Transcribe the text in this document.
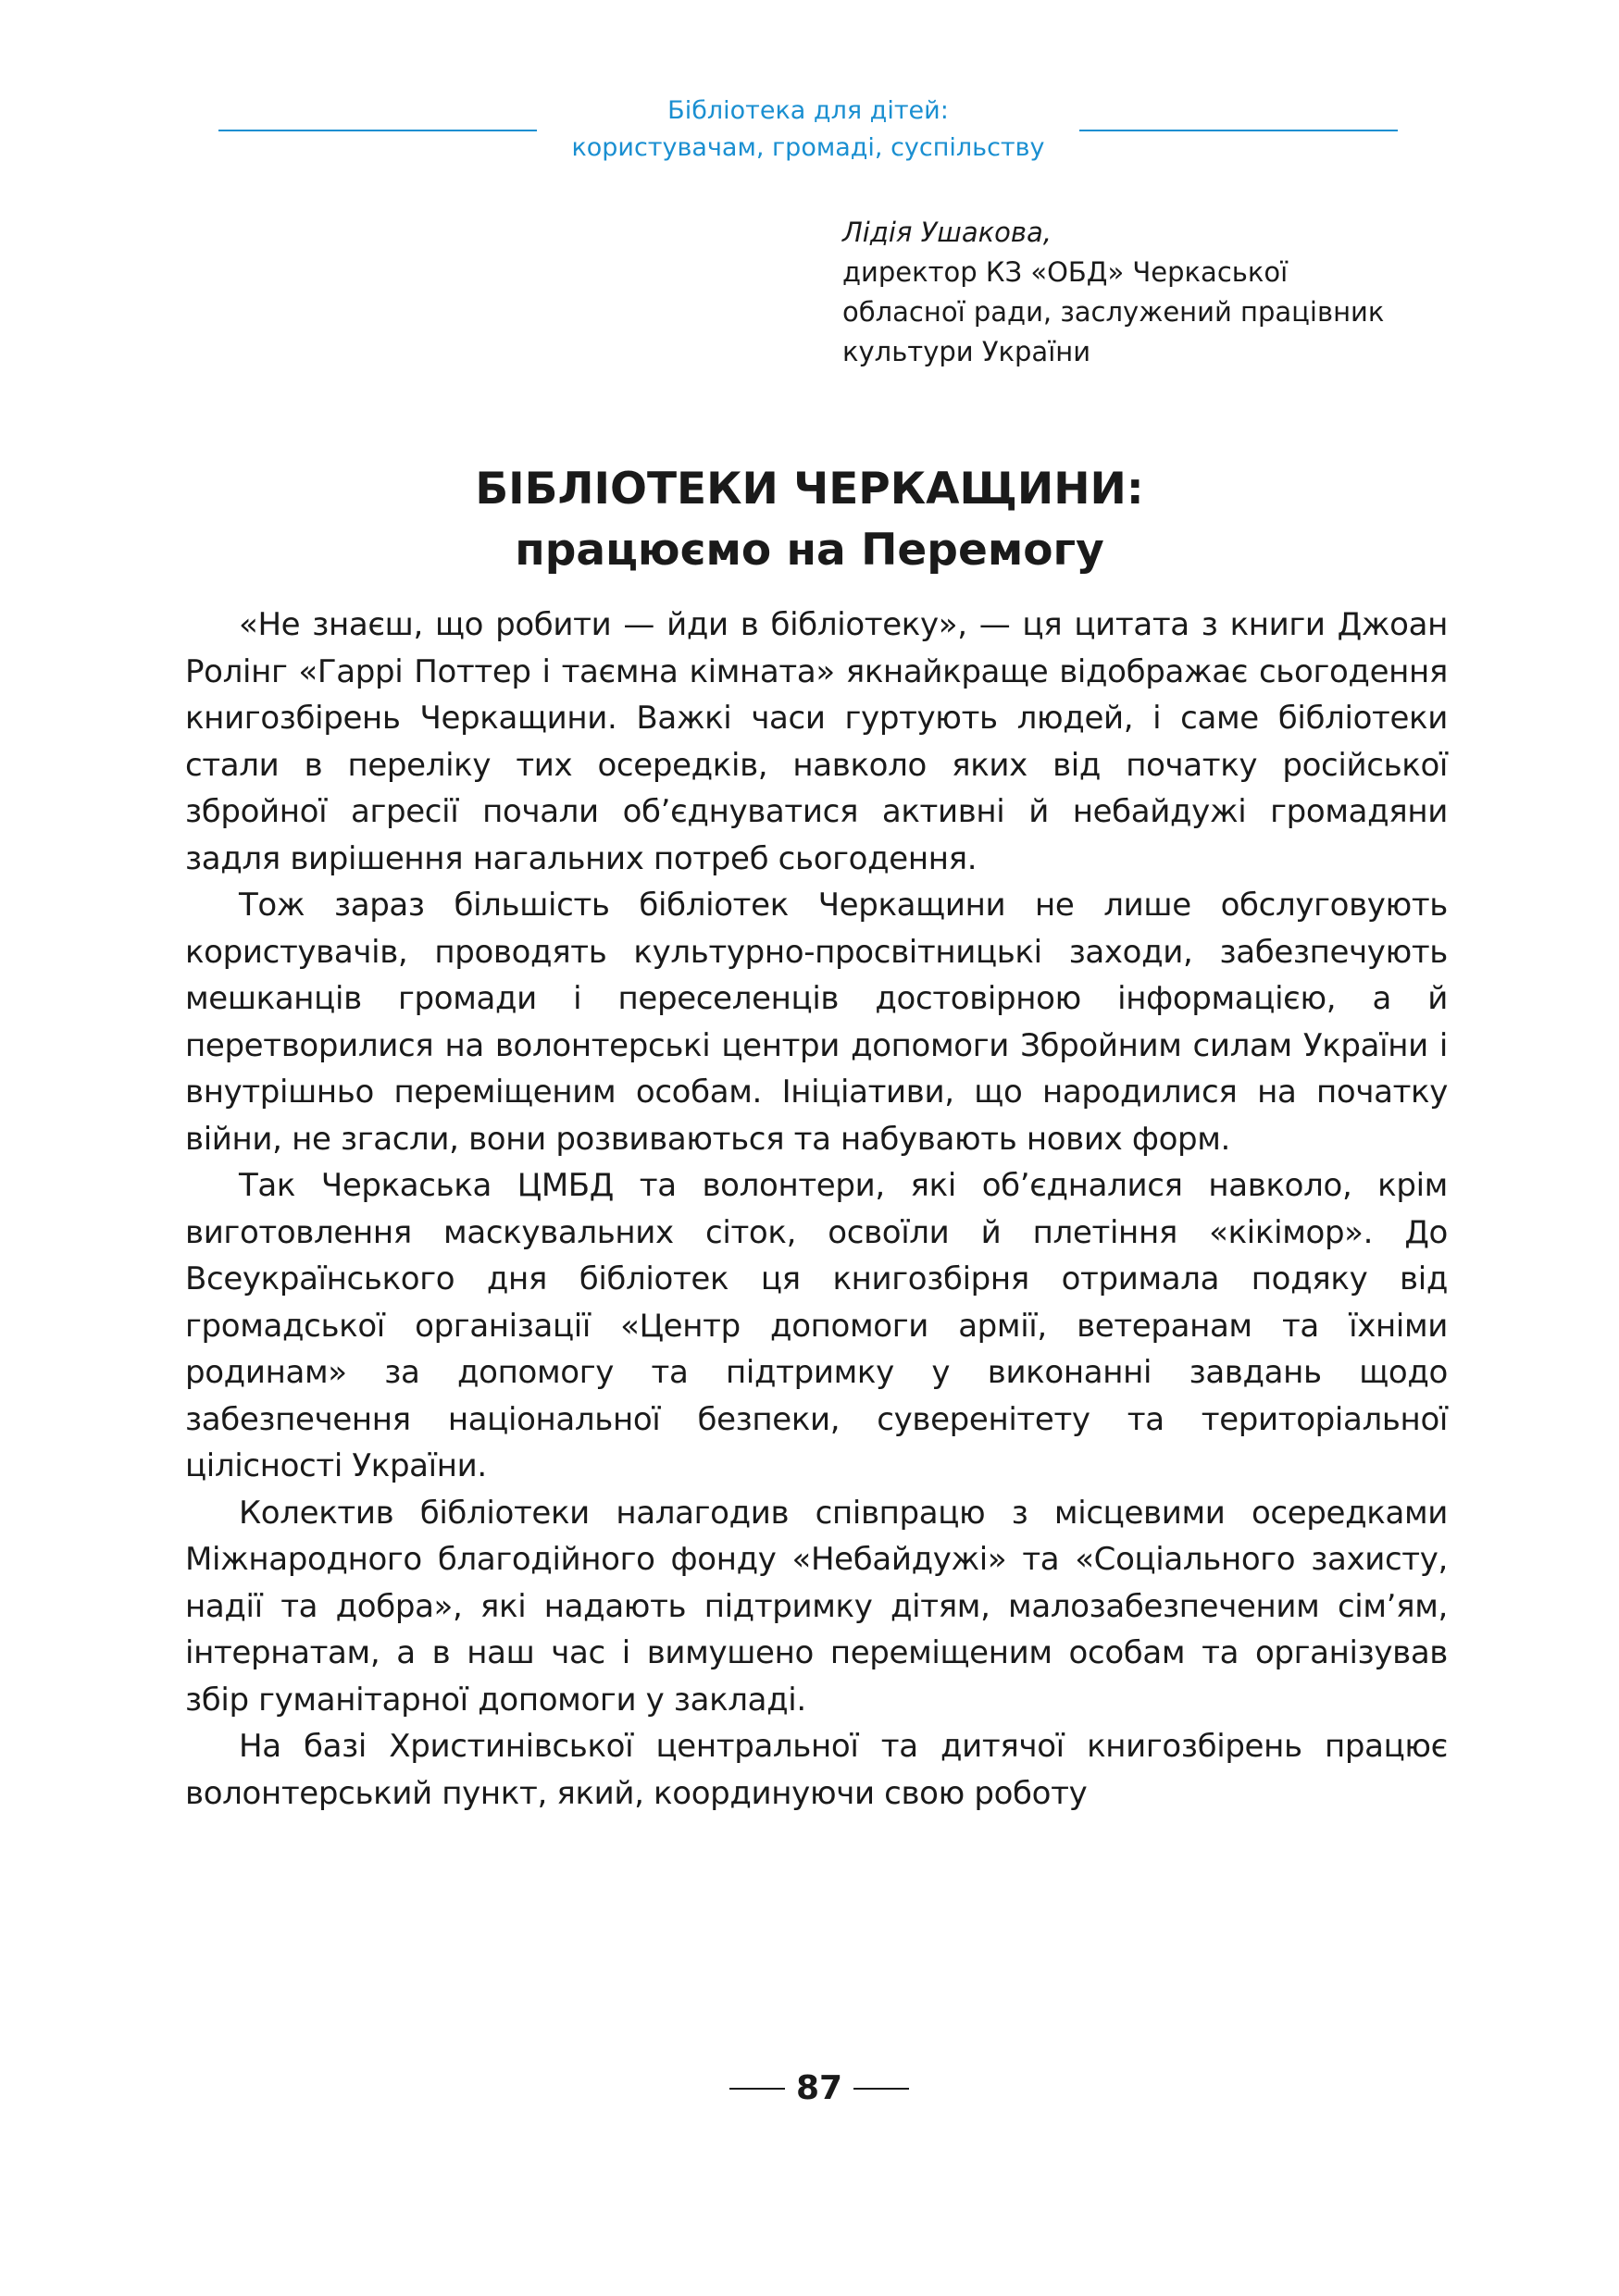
Бібліотека для дітей:
користувачам, громаді, суспільству
Лідія Ушакова,
директор КЗ «ОБД» Черкаської
обласної ради, заслужений працівник
культури України
БІБЛІОТЕКИ ЧЕРКАЩИНИ:
працюємо на Перемогу

«Не знаєш, що робити — йди в бібліотеку», — ця цитата з книги Джоан Ролінг «Гаррі Поттер і таємна кімната» якнайкраще відображає сьогодення книгозбірень Черкащини. Важкі часи гуртують людей, і саме бібліотеки стали в переліку тих осередків, навколо яких від початку російської збройної агресії почали об’єднуватися активні й небайдужі громадяни задля вирішення нагальних потреб сьогодення.

Тож зараз більшість бібліотек Черкащини не лише обслуговують користувачів, проводять культурно-просвітницькі заходи, забезпечують мешканців громади і переселенців достовірною інформацією, а й перетворилися на волонтерські центри допомоги Збройним силам України і внутрішньо переміщеним особам. Ініціативи, що народилися на початку війни, не згасли, вони розвиваються та набувають нових форм.

Так Черкаська ЦМБД та волонтери, які об’єдналися навколо, крім виготовлення маскувальних сіток, освоїли й плетіння «кікімор». До Всеукраїнського дня бібліотек ця книгозбірня отримала подяку від громадської організації «Центр допомоги армії, ветеранам та їхніми родинам» за допомогу та підтримку у виконанні завдань щодо забезпечення національної безпеки, суверенітету та територіальної цілісності України.

Колектив бібліотеки налагодив співпрацю з місцевими осередками Міжнародного благодійного фонду «Небайдужі» та «Соціального захисту, надії та добра», які надають підтримку дітям, малозабезпеченим сім’ям, інтернатам, а в наш час і вимушено переміщеним особам та організував збір гуманітарної допомоги у закладі.

На базі Христинівської центральної та дитячої книгозбірень працює волонтерський пункт, який, координуючи свою роботу

87
